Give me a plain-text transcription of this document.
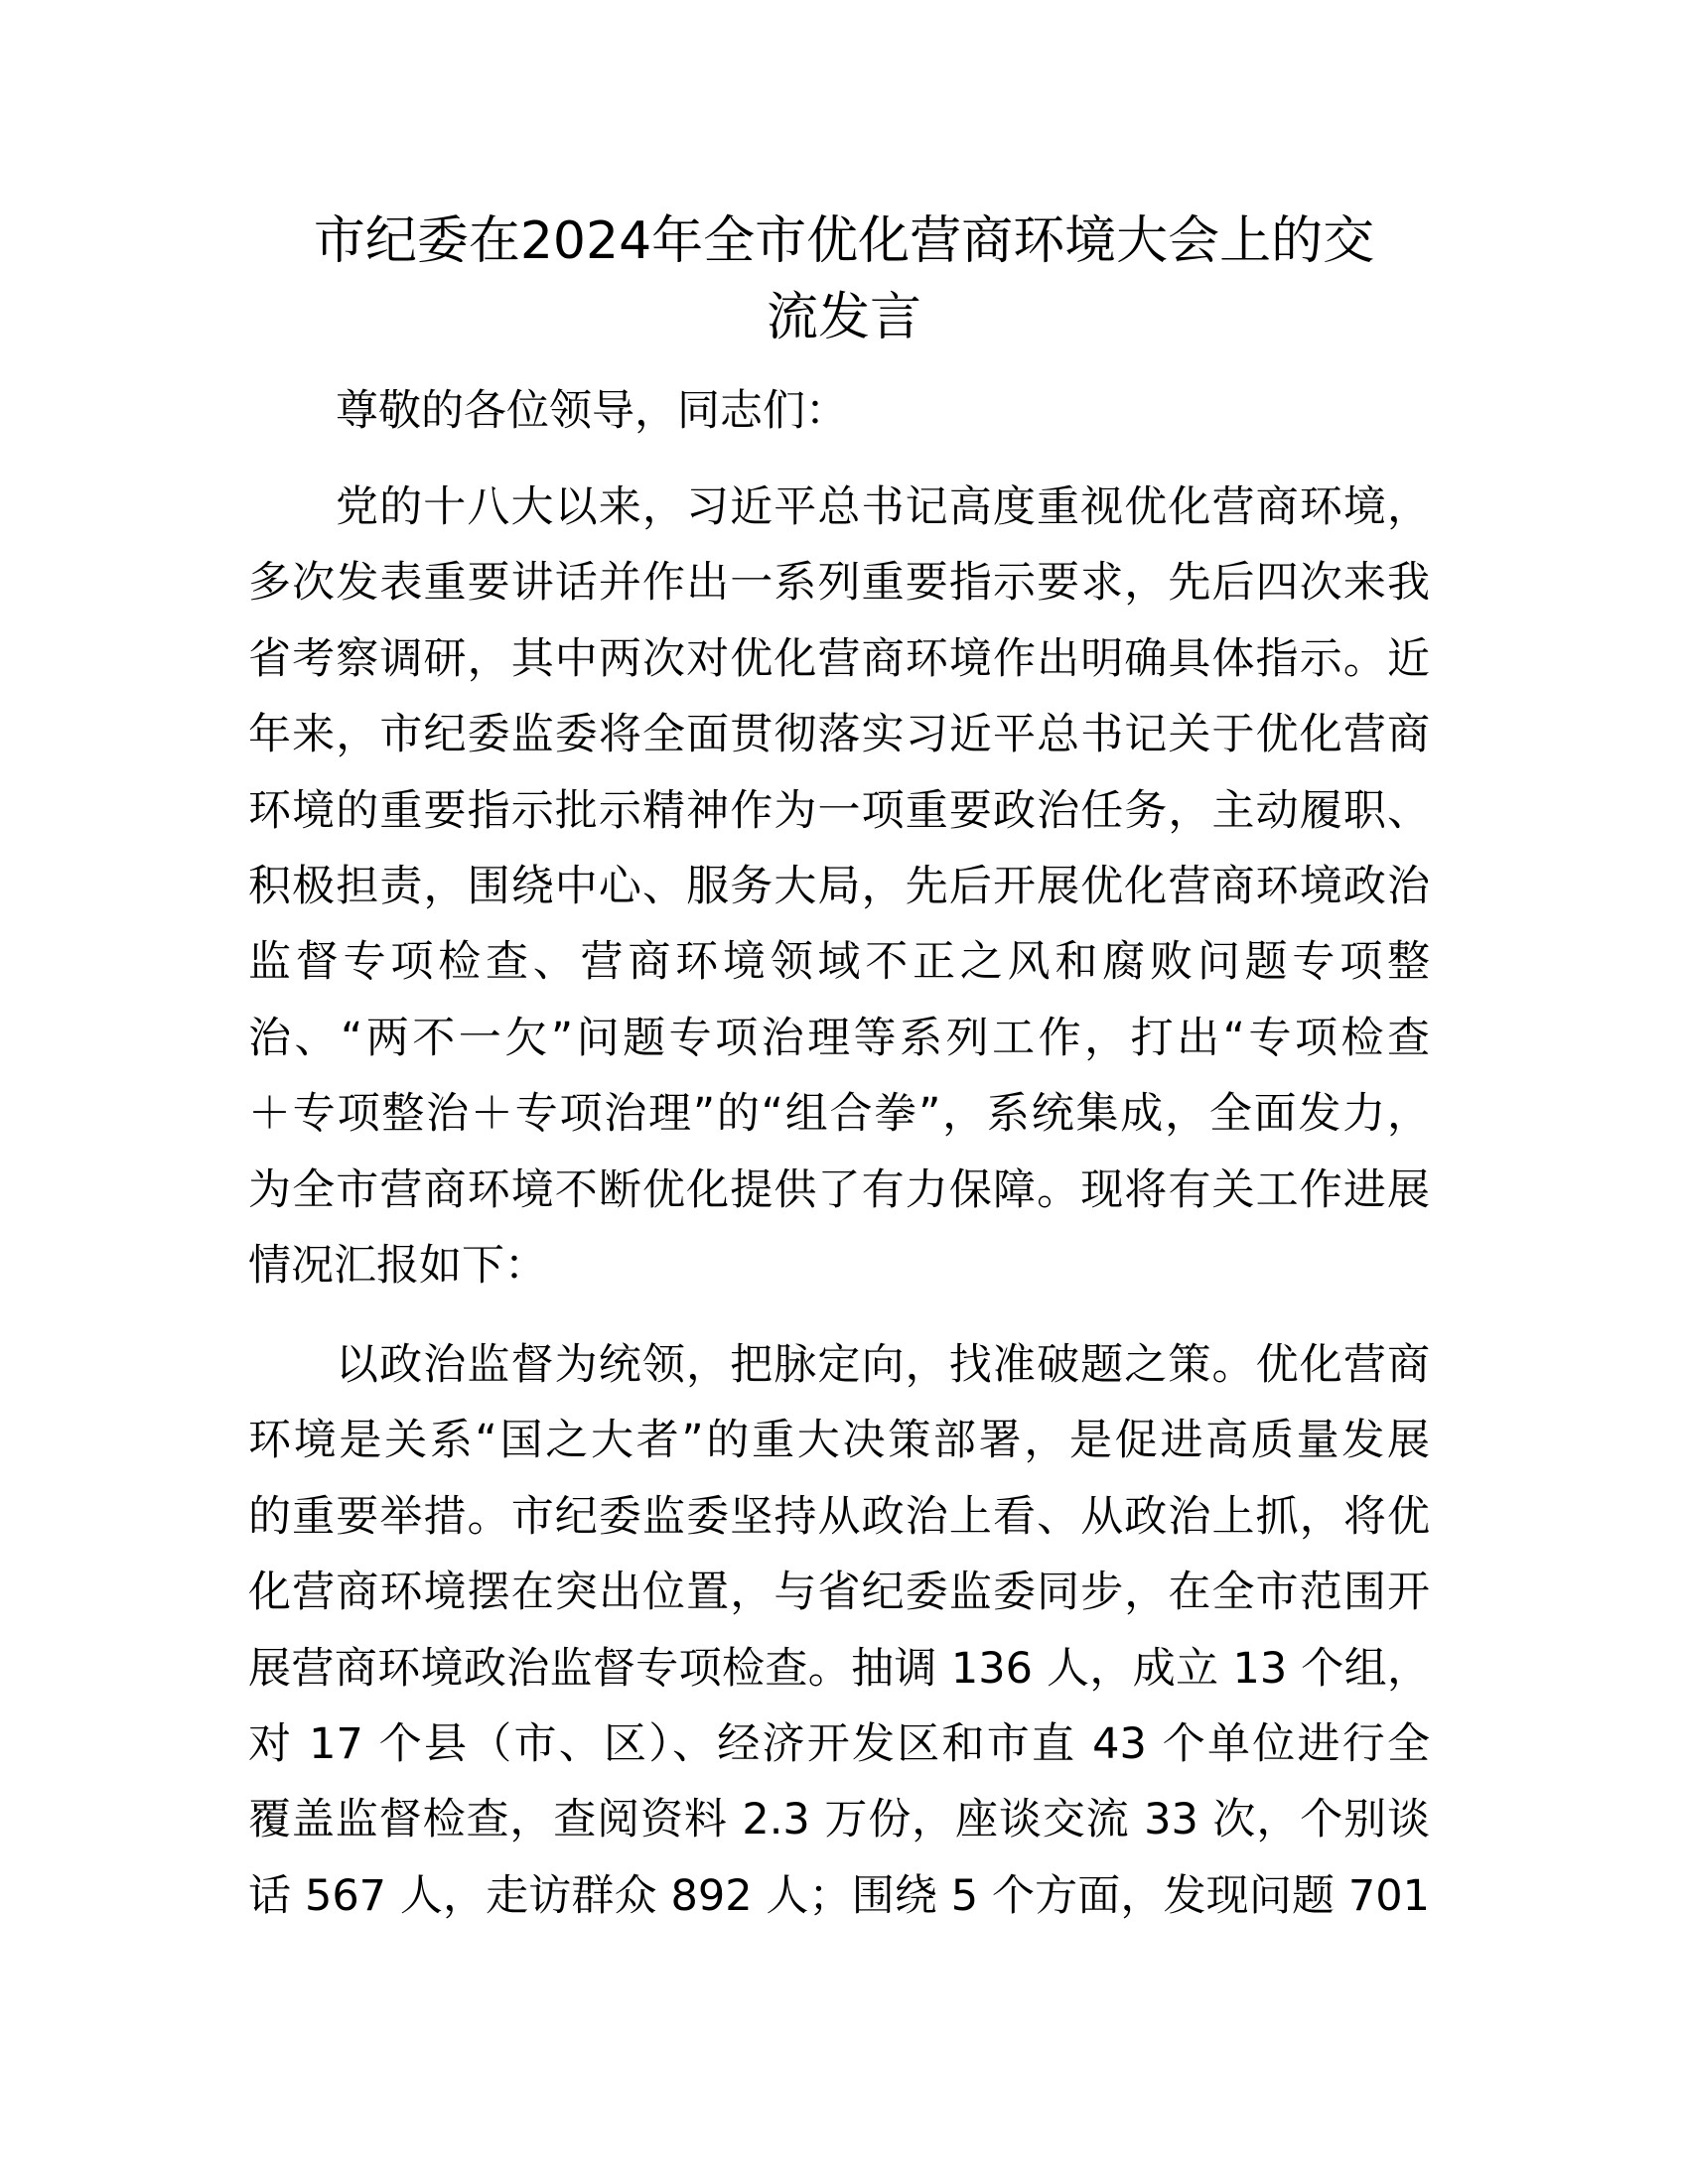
市纪委在2024年全市优化营商环境大会上的交
流发言
尊敬的各位领导，同志们：
党的十八大以来，习近平总书记高度重视优化营商环境，
多次发表重要讲话并作出一系列重要指示要求，先后四次来我
省考察调研，其中两次对优化营商环境作出明确具体指示。近
年来，市纪委监委将全面贯彻落实习近平总书记关于优化营商
环境的重要指示批示精神作为一项重要政治任务，主动履职、
积极担责，围绕中心、服务大局，先后开展优化营商环境政治
监督专项检查、营商环境领域不正之风和腐败问题专项整
治、“两不一欠”问题专项治理等系列工作，打出“专项检查
＋专项整治＋专项治理”的“组合拳”，系统集成，全面发力，
为全市营商环境不断优化提供了有力保障。现将有关工作进展
情况汇报如下：
以政治监督为统领，把脉定向，找准破题之策。优化营商
环境是关系“国之大者”的重大决策部署，是促进高质量发展
的重要举措。市纪委监委坚持从政治上看、从政治上抓，将优
化营商环境摆在突出位置，与省纪委监委同步，在全市范围开
展营商环境政治监督专项检查。抽调 136 人，成立 13 个组，
对 17 个县（市、区）、经济开发区和市直 43 个单位进行全
覆盖监督检查，查阅资料 2.3 万份，座谈交流 33 次，个别谈
话 567 人，走访群众 892 人；围绕 5 个方面，发现问题 701
